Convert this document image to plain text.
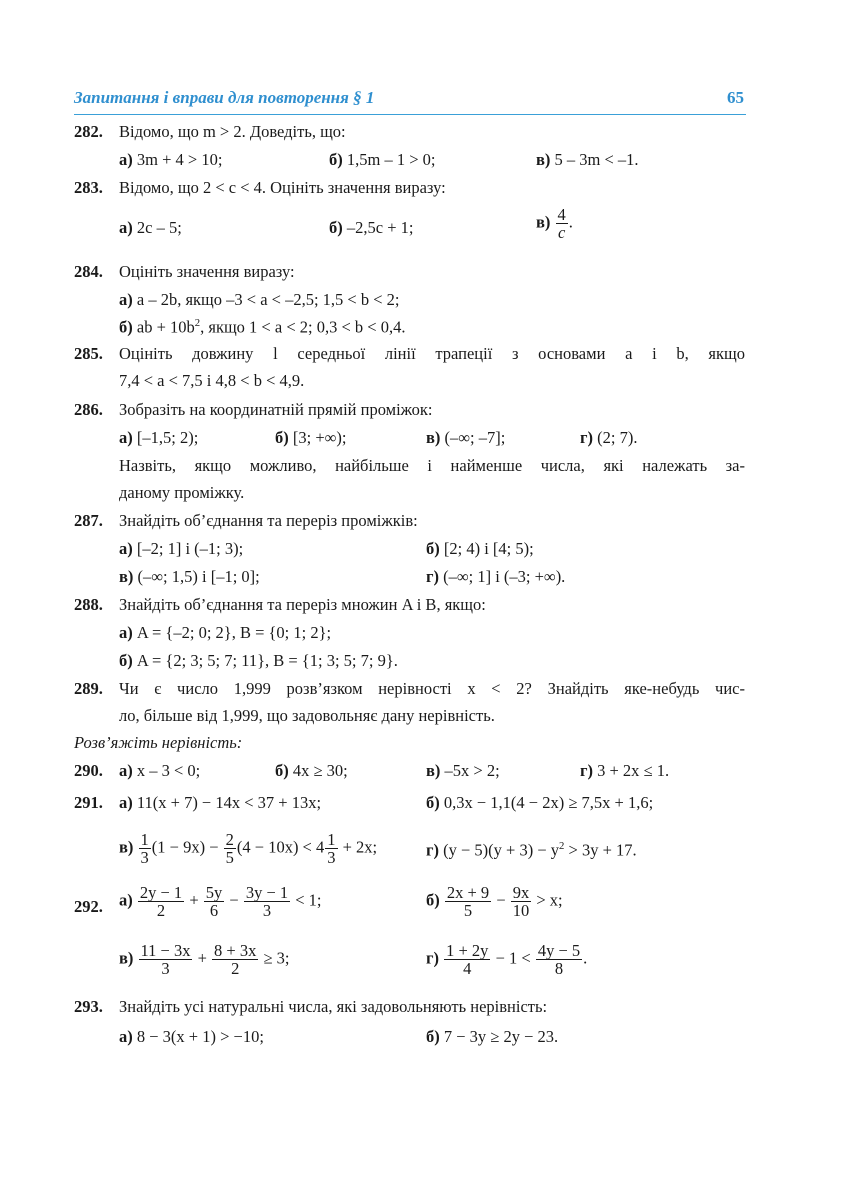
Запитання і вправи для повторення § 1	65
282. Відомо, що m > 2. Доведіть, що:
а) 3m + 4 > 10;	б) 1,5m – 1 > 0;	в) 5 – 3m < –1.
283. Відомо, що 2 < c < 4. Оцініть значення виразу:
а) 2c – 5;	б) –2,5c + 1;	$в) \frac{4}{c}$ .
284. Оцініть значення виразу:
а) a – 2b, якщо –3 < a < –2,5; 1,5 < b < 2;
б) ab + $10b^2$, якщо 1 < a < 2; 0,3 < b < 0,4.
285. Оцініть довжину l середньої лінії трапеції з основами a і b, якщо
7,4 < a < 7,5 і 4,8 < b < 4,9.
286. Зобразіть на координатній прямій проміжок:
а) [–1,5; 2);	б) [3; +∞);	в) (–∞; –7];	г) (2; 7).
Назвіть, якщо можливо, найбільше і найменше числа, які належать за-
даному проміжку.
287. Знайдіть об’єднання та переріз проміжків:
а) [–2; 1] і (–1; 3);	б) [2; 4) і [4; 5);
в) (–∞; 1,5) і [–1; 0];	г) (–∞; 1] і (–3; +∞).
288. Знайдіть об’єднання та переріз множин A і B, якщо:
а) A = {–2; 0; 2}, B = {0; 1; 2};
б) A = {2; 3; 5; 7; 11}, B = {1; 3; 5; 7; 9}.
289. Чи є число 1,999 розв’язком нерівності x < 2? Знайдіть яке-небудь чис-
ло, більше від 1,999, що задовольняє дану нерівність.
Розв’яжіть нерівність:
290. а) x – 3 < 0;	б) 4x ≥ 30;	в) –5x > 2;	г) 3 + 2x ≤ 1.
291. а) 11(x + 7) − 14x < 37 + 13x;	б) 0,3x − 1,1(4 − 2x) ≥ 7,5x + 1,6;
$в) \frac{1}{3} (1 - 9x) - \frac{2}{5} (4 - 10x) < 4 \frac{1}{3} + 2x$;	г) $(y - 5)(y + 3) - y^2 > 3y + 17$.
292. $а) \frac{2y - 1}{2} + \frac{5y}{6} - \frac{3y - 1}{3} < 1$;	$б) \frac{2x + 9}{5} - \frac{9x}{10} > x$;
$в) \frac{11 - 3x}{3} + \frac{8 + 3x}{2} \ge 3$;	$г) \frac{1 + 2y}{4} - 1 < \frac{4y - 5}{8}$ .
293. Знайдіть усі натуральні числа, які задовольняють нерівність:
а) 8 − 3(x + 1) > −10;	б) 7 − 3y ≥ 2y − 23.
